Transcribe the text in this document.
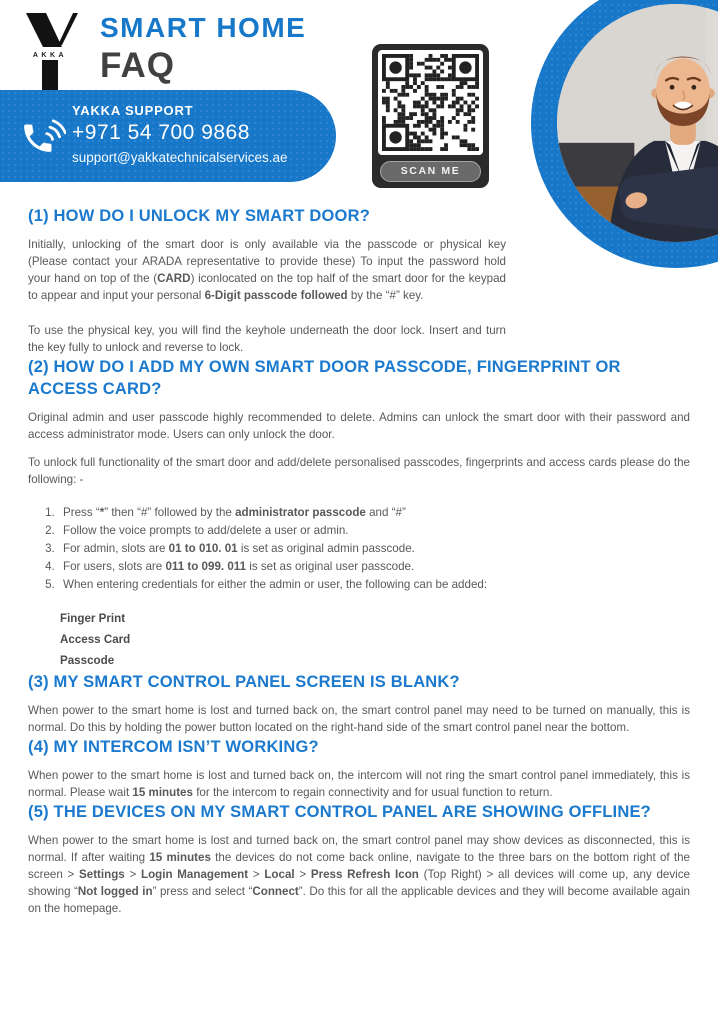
AKKA
SMART HOME
FAQ
YAKKA SUPPORT
+971 54 700 9868
support@yakkatechnicalservices.ae
SCAN ME
(1) HOW DO I UNLOCK MY SMART DOOR?

Initially, unlocking of the smart door is only available via the passcode or physical key (Please contact your ARADA representative to provide these) To input the password hold your hand on top of the (CARD) iconlocated on the top half of the smart door for the keypad to appear and input your personal 6-Digit passcode followed by the “#” key.

To use the physical key, you will find the keyhole underneath the door lock. Insert and turn the key fully to unlock and reverse to lock.

(2) HOW DO I ADD MY OWN SMART DOOR PASSCODE, FINGERPRINT OR ACCESS CARD?

Original admin and user passcode highly recommended to delete. Admins can unlock the smart door with their password and access administrator mode. Users can only unlock the door.

To unlock full functionality of the smart door and add/delete personalised passcodes, fingerprints and access cards please do the following: -

1. Press “*” then “#” followed by the administrator passcode and “#”
2. Follow the voice prompts to add/delete a user or admin.
3. For admin, slots are 01 to 010. 01 is set as original admin passcode.
4. For users, slots are 011 to 099. 011 is set as original user passcode.
5. When entering credentials for either the admin or user, the following can be added:
Finger Print
Access Card
Passcode
(3) MY SMART CONTROL PANEL SCREEN IS BLANK?

When power to the smart home is lost and turned back on, the smart control panel may need to be turned on manually, this is normal. Do this by holding the power button located on the right-hand side of the smart control panel near the bottom.

(4) MY INTERCOM ISN’T WORKING?

When power to the smart home is lost and turned back on, the intercom will not ring the smart control panel immediately, this is normal. Please wait 15 minutes for the intercom to regain connectivity and for usual function to return.

(5) THE DEVICES ON MY SMART CONTROL PANEL ARE SHOWING OFFLINE?

When power to the smart home is lost and turned back on, the smart control panel may show devices as disconnected, this is normal. If after waiting 15 minutes the devices do not come back online, navigate to the three bars on the bottom right of the screen > Settings > Login Management > Local > Press Refresh Icon (Top Right) > all devices will come up, any device showing “Not logged in” press and select “Connect”. Do this for all the applicable devices and they will become available again on the homepage.
